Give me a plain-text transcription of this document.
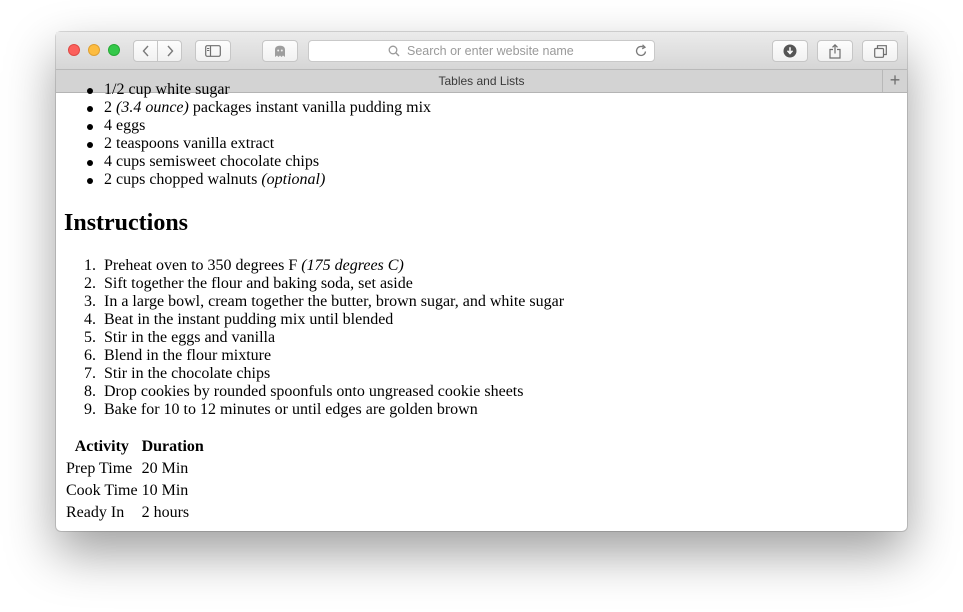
Search or enter website name
Tables and Lists	+
1/2 cup white sugar
2 (3.4 ounce) packages instant vanilla pudding mix
4 eggs
2 teaspoons vanilla extract
4 cups semisweet chocolate chips
2 cups chopped walnuts (optional)
Instructions
1. Preheat oven to 350 degrees F (175 degrees C)
2. Sift together the flour and baking soda, set aside
3. In a large bowl, cream together the butter, brown sugar, and white sugar
4. Beat in the instant pudding mix until blended
5. Stir in the eggs and vanilla
6. Blend in the flour mixture
7. Stir in the chocolate chips
8. Drop cookies by rounded spoonfuls onto ungreased cookie sheets
9. Bake for 10 to 12 minutes or until edges are golden brown
Activity	Duration
Prep Time	20 Min
Cook Time	10 Min
Ready In	2 hours
